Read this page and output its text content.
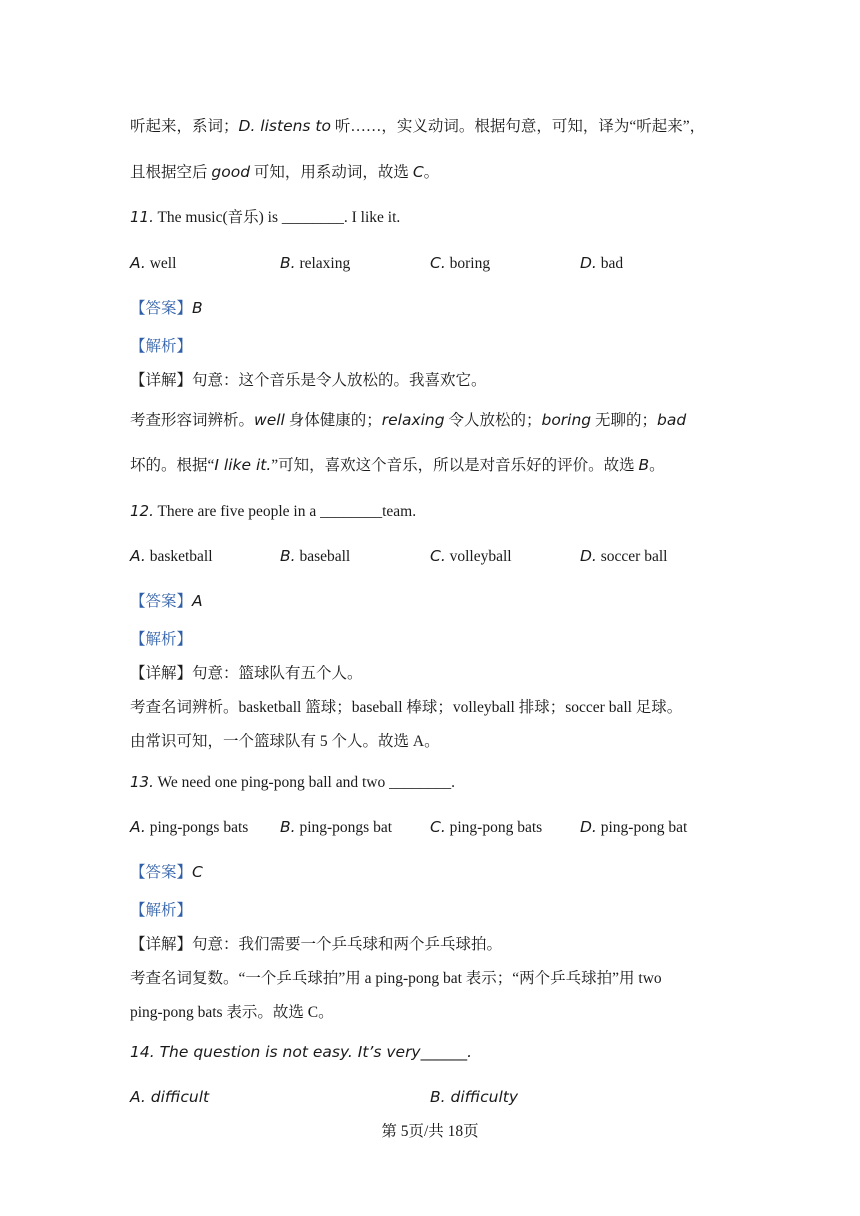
听起来，系词；D. listens to 听……，实义动词。根据句意，可知，译为“听起来”，
且根据空后 good 可知，用系动词，故选 C。
11. The music(音乐) is ________. I like it.
A. well	B. relaxing	C. boring	D. bad
【答案】B
【解析】
【详解】句意：这个音乐是令人放松的。我喜欢它。
考查形容词辨析。well 身体健康的；relaxing 令人放松的；boring 无聊的；bad
坏的。根据“I like it.”可知，喜欢这个音乐，所以是对音乐好的评价。故选 B。
12. There are five people in a ________team.
A. basketball	B. baseball	C. volleyball	D. soccer ball
【答案】A
【解析】
【详解】句意：篮球队有五个人。
考查名词辨析。basketball 篮球；baseball 棒球；volleyball 排球；soccer ball 足球。
由常识可知，一个篮球队有 5 个人。故选 A。
13. We need one ping-pong ball and two ________.
A. ping-pongs bats B. ping-pongs bat C. ping-pong bats D. ping-pong bat
【答案】C
【解析】
【详解】句意：我们需要一个乒乓球和两个乒乓球拍。
考查名词复数。“一个乒乓球拍”用 a ping-pong bat 表示；“两个乒乓球拍”用 two
ping-pong bats 表示。故选 C。
14. The question is not easy. It’s very______.
A. difficult	B. difficulty
第 5页/共 18页
